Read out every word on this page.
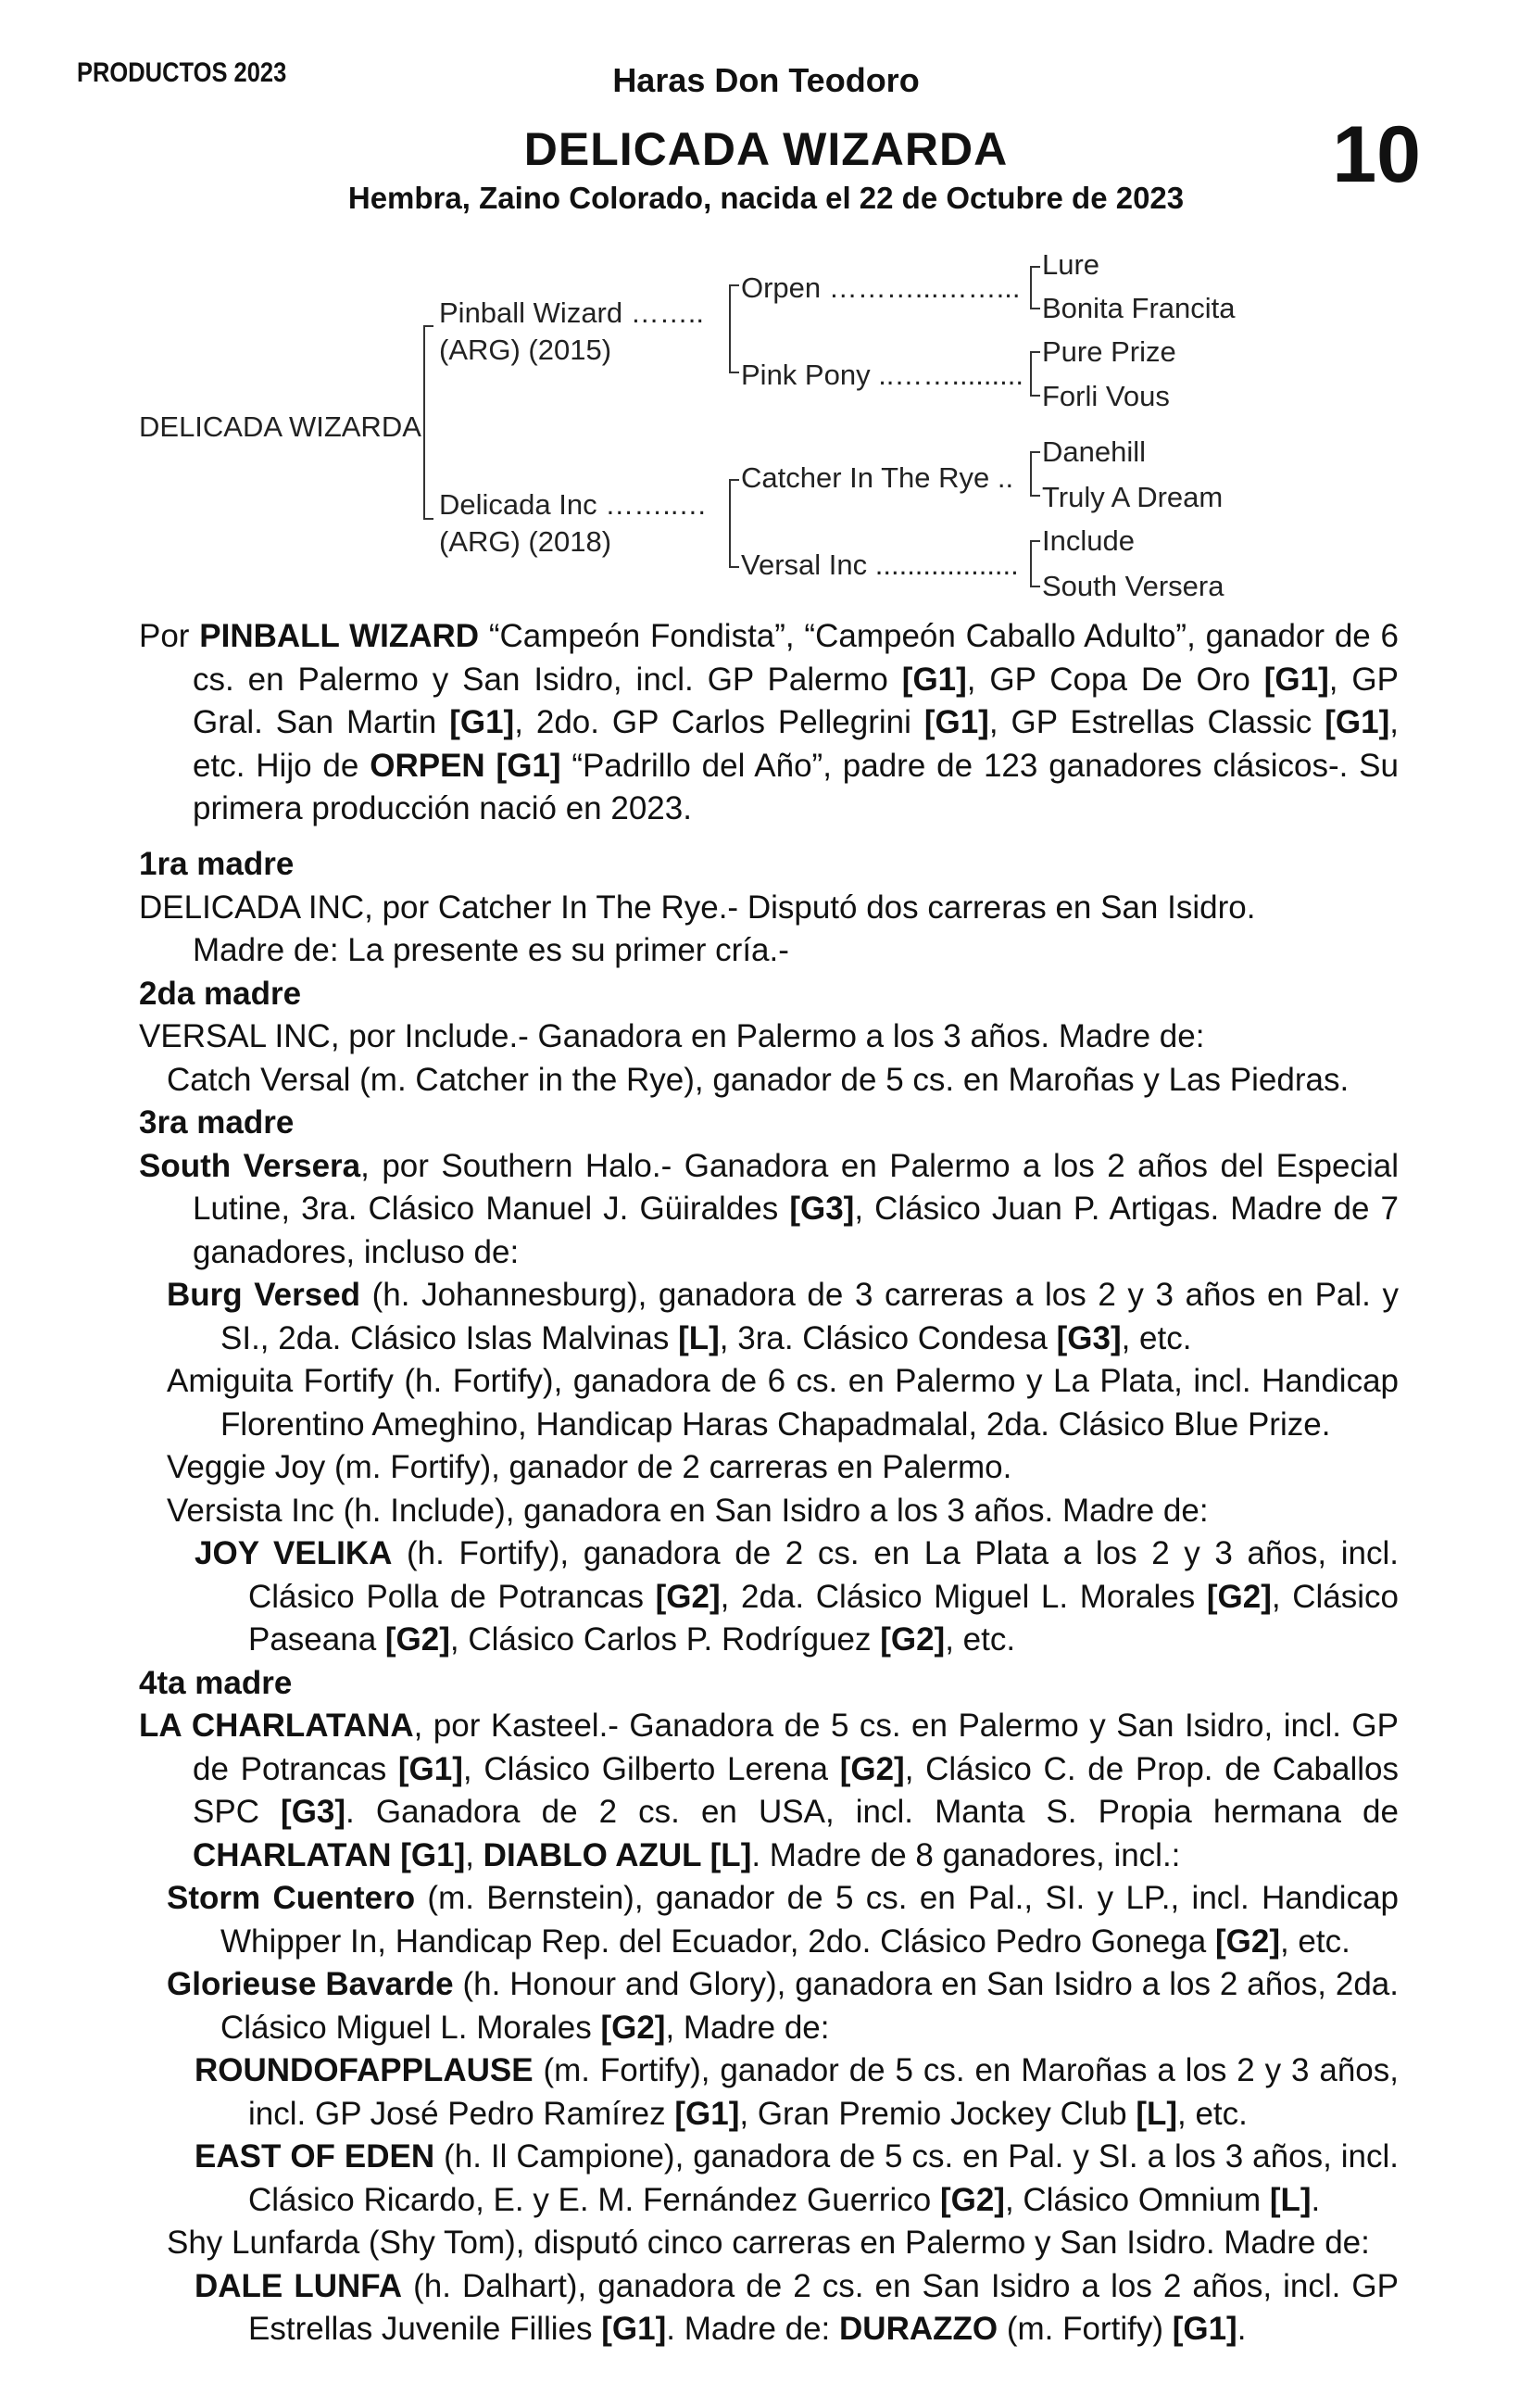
PRODUCTOS 2023	Haras Don Teodoro
10
DELICADA WIZARDA
Hembra, Zaino Colorado, nacida el 22 de Octubre de 2023
DELICADA WIZARDA
Pinball Wizard ……..
(ARG) (2015)
Delicada Inc ……..…
(ARG) (2018)
Orpen ………...……...
Pink Pony ..…….........
Catcher In The Rye ..
Versal Inc ..................
Lure
Bonita Francita
Pure Prize
Forli Vous
Danehill
Truly A Dream
Include
South Versera

Por PINBALL WIZARD “Campeón Fondista”, “Campeón Caballo Adulto”, ganador de 6 cs. en Palermo y San Isidro, incl. GP Palermo [G1], GP Copa De Oro [G1], GP Gral. San Martin [G1], 2do. GP Carlos Pellegrini [G1], GP Estrellas Classic [G1], etc. Hijo de ORPEN [G1] “Padrillo del Año”, padre de 123 ganadores clásicos-. Su primera producción nació en 2023.

1ra madre

DELICADA INC, por Catcher In The Rye.- Disputó dos carreras en San Isidro.

Madre de: La presente es su primer cría.-

2da madre

VERSAL INC, por Include.- Ganadora en Palermo a los 3 años. Madre de:

Catch Versal (m. Catcher in the Rye), ganador de 5 cs. en Maroñas y Las Piedras.

3ra madre

South Versera, por Southern Halo.- Ganadora en Palermo a los 2 años del Especial Lutine, 3ra. Clásico Manuel J. Güiraldes [G3], Clásico Juan P. Artigas. Madre de 7 ganadores, incluso de:

Burg Versed (h. Johannesburg), ganadora de 3 carreras a los 2 y 3 años en Pal. y SI., 2da. Clásico Islas Malvinas [L], 3ra. Clásico Condesa [G3], etc.

Amiguita Fortify (h. Fortify), ganadora de 6 cs. en Palermo y La Plata, incl. Handicap Florentino Ameghino, Handicap Haras Chapadmalal, 2da. Clásico Blue Prize.

Veggie Joy (m. Fortify), ganador de 2 carreras en Palermo.

Versista Inc (h. Include), ganadora en San Isidro a los 3 años. Madre de:

JOY VELIKA (h. Fortify), ganadora de 2 cs. en La Plata a los 2 y 3 años, incl. Clásico Polla de Potrancas [G2], 2da. Clásico Miguel L. Morales [G2], Clásico Paseana [G2], Clásico Carlos P. Rodríguez [G2], etc.

4ta madre

LA CHARLATANA, por Kasteel.- Ganadora de 5 cs. en Palermo y San Isidro, incl. GP de Potrancas [G1], Clásico Gilberto Lerena [G2], Clásico C. de Prop. de Caballos SPC [G3]. Ganadora de 2 cs. en USA, incl. Manta S. Propia hermana de CHARLATAN [G1], DIABLO AZUL [L]. Madre de 8 ganadores, incl.:

Storm Cuentero (m. Bernstein), ganador de 5 cs. en Pal., SI. y LP., incl. Handicap Whipper In, Handicap Rep. del Ecuador, 2do. Clásico Pedro Gonega [G2], etc.

Glorieuse Bavarde (h. Honour and Glory), ganadora en San Isidro a los 2 años, 2da. Clásico Miguel L. Morales [G2], Madre de:

ROUNDOFAPPLAUSE (m. Fortify), ganador de 5 cs. en Maroñas a los 2 y 3 años, incl. GP José Pedro Ramírez [G1], Gran Premio Jockey Club [L], etc.

EAST OF EDEN (h. Il Campione), ganadora de 5 cs. en Pal. y SI. a los 3 años, incl. Clásico Ricardo, E. y E. M. Fernández Guerrico [G2], Clásico Omnium [L].

Shy Lunfarda (Shy Tom), disputó cinco carreras en Palermo y San Isidro. Madre de:

DALE LUNFA (h. Dalhart), ganadora de 2 cs. en San Isidro a los 2 años, incl. GP Estrellas Juvenile Fillies [G1]. Madre de: DURAZZO (m. Fortify) [G1].
